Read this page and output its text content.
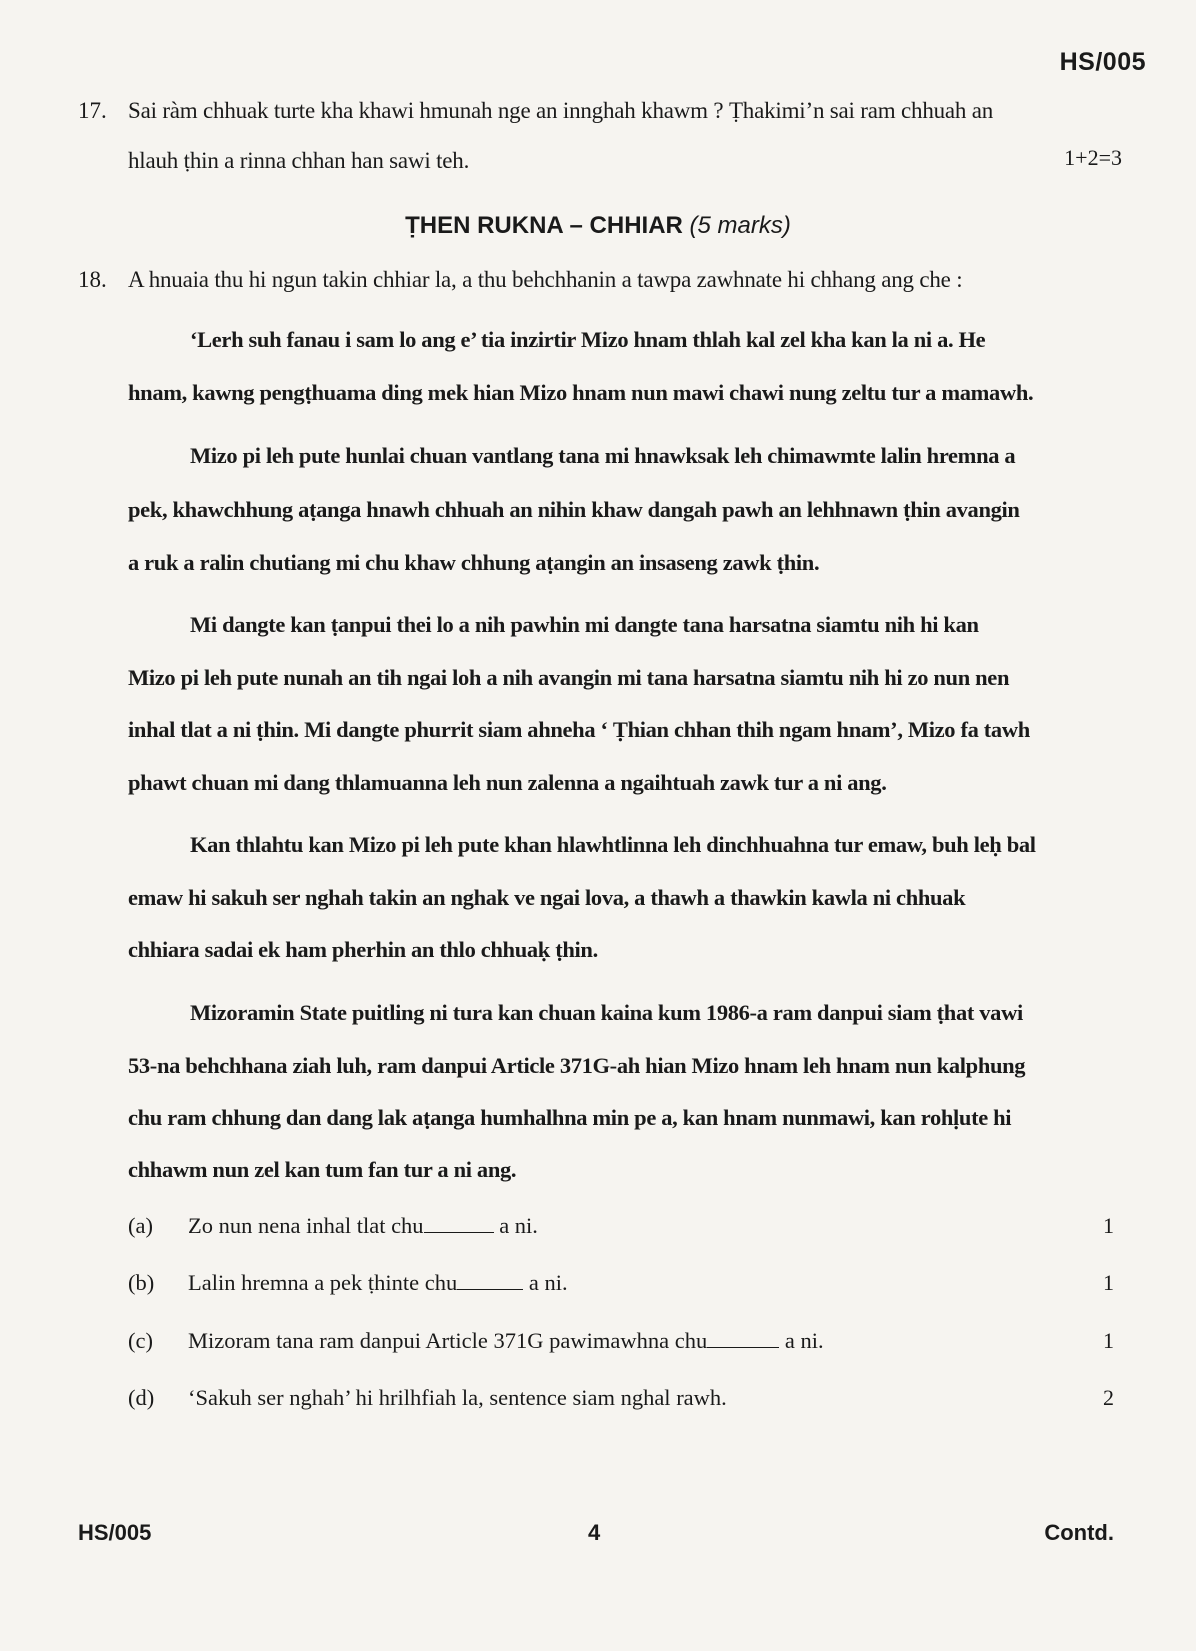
HS/005
17. Sai ràm chhuak turte kha khawi hmunah nge an innghah khawm ? Ṭhakimi’n sai ram chhuah an
hlauh ṭhin a rinna chhan han sawi teh.	1+2=3
ṬHEN RUKNA – CHHIAR (5 marks)
18. A hnuaia thu hi ngun takin chhiar la, a thu behchhanin a tawpa zawhnate hi chhang ang che :
‘Lerh suh fanau i sam lo ang e’ tia inzirtir Mizo hnam thlah kal zel kha kan la ni a. He
hnam, kawng pengṭhuama ding mek hian Mizo hnam nun mawi chawi nung zeltu tur a mamawh.
Mizo pi leh pute hunlai chuan vantlang tana mi hnawksak leh chimawmte lalin hremna a
pek, khawchhung aṭanga hnawh chhuah an nihin khaw dangah pawh an lehhnawn ṭhin avangin
a ruk a ralin chutiang mi chu khaw chhung aṭangin an insaseng zawk ṭhin.
Mi dangte kan ṭanpui thei lo a nih pawhin mi dangte tana harsatna siamtu nih hi kan
Mizo pi leh pute nunah an tih ngai loh a nih avangin mi tana harsatna siamtu nih hi zo nun nen
inhal tlat a ni ṭhin. Mi dangte phurrit siam ahneha ‘ Ṭhian chhan thih ngam hnam’, Mizo fa tawh
phawt chuan mi dang thlamuanna leh nun zalenna a ngaihtuah zawk tur a ni ang.
Kan thlahtu kan Mizo pi leh pute khan hlawhtlinna leh dinchhuahna tur emaw, buh leḥ bal
emaw hi sakuh ser nghah takin an nghak ve ngai lova, a thawh a thawkin kawla ni chhuak
chhiara sadai ek ham pherhin an thlo chhuaḳ ṭhin.
Mizoramin State puitling ni tura kan chuan kaina kum 1986-a ram danpui siam ṭhat vawi
53-na behchhana ziah luh, ram danpui Article 371G-ah hian Mizo hnam leh hnam nun kalphung
chu ram chhung dan dang lak aṭanga humhalhna min pe a, kan hnam nunmawi, kan rohḷute hi
chhawm nun zel kan tum fan tur a ni ang.
(a) Zo nun nena inhal tlat chu	a ni.	1
(b) Lalin hremna a pek ṭhinte chu	a ni.	1
(c) Mizoram tana ram danpui Article 371G pawimawhna chu	a ni.	1
(d) ‘Sakuh ser nghah’ hi hrilhfiah la, sentence siam nghal rawh.	2
HS/005	4	Contd.
